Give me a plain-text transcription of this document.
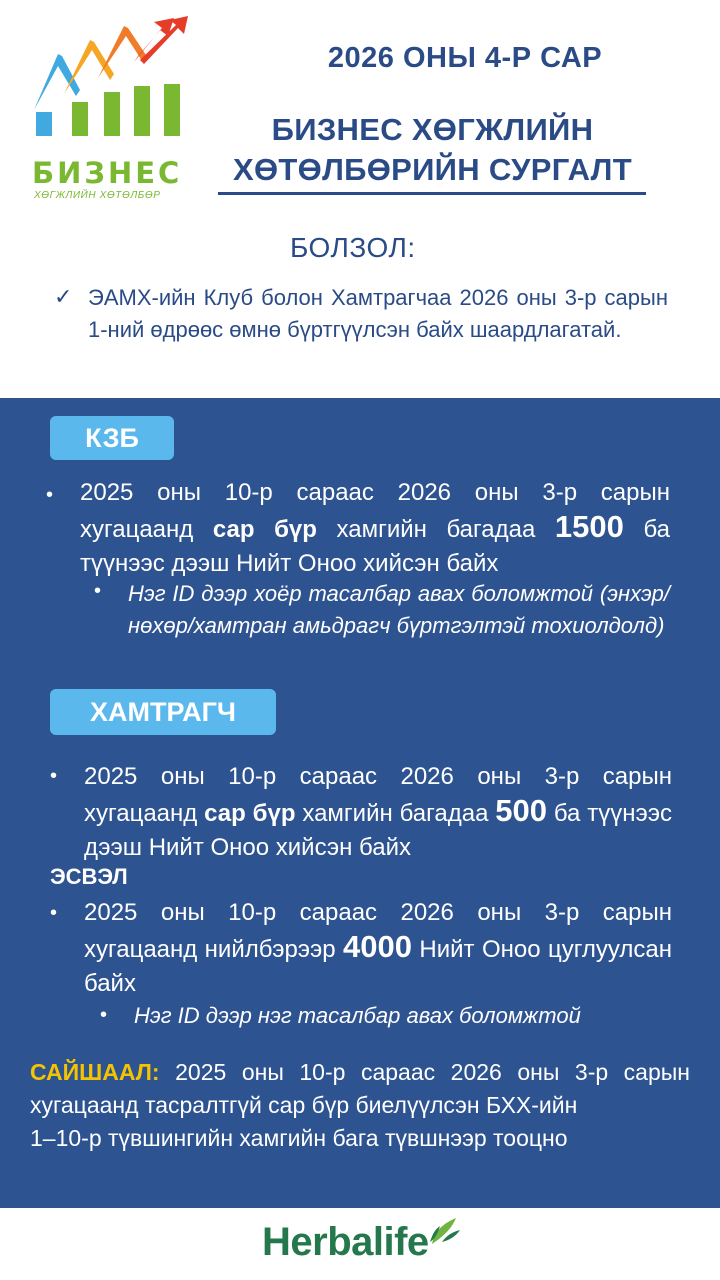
БИЗНЕС
ХӨГЖЛИЙН ХӨТӨЛБӨР
2026 ОНЫ 4-Р САР
БИЗНЕС ХӨГЖЛИЙН
ХӨТӨЛБӨРИЙН СУРГАЛТ
БОЛЗОЛ:
✓ ЭАМХ-ийн Клуб болон Хамтрагчаа 2026 оны 3-р сарын 1-ний өдрөөс өмнө бүртгүүлсэн байх шаардлагатай.
КЗБ
• 2025 оны 10-р сараас 2026 оны 3-р сарын хугацаанд сар бүр хамгийн багадаа 1500 ба түүнээс дээш Нийт Оноо хийсэн байх
• Нэг ID дээр хоёр тасалбар авах боломжтой (энхэр/нөхөр/хамтран амьдрагч бүртгэлтэй тохиолдолд)
ХАМТРАГЧ
• 2025 оны 10-р сараас 2026 оны 3-р сарын хугацаанд сар бүр хамгийн багадаа 500 ба түүнээс дээш Нийт Оноо хийсэн байх
ЭСВЭЛ
• 2025 оны 10-р сараас 2026 оны 3-р сарын хугацаанд нийлбэрээр 4000 Нийт Оноо цуглуулсан байх
• Нэг ID дээр нэг тасалбар авах боломжтой
САЙШААЛ: 2025 оны 10-р сараас 2026 оны 3-р сарын хугацаанд тасралтгүй сар бүр биелүүлсэн БХХ-ийн
1–10-р түвшингийн хамгийн бага түвшнээр тооцно
Herbalife
